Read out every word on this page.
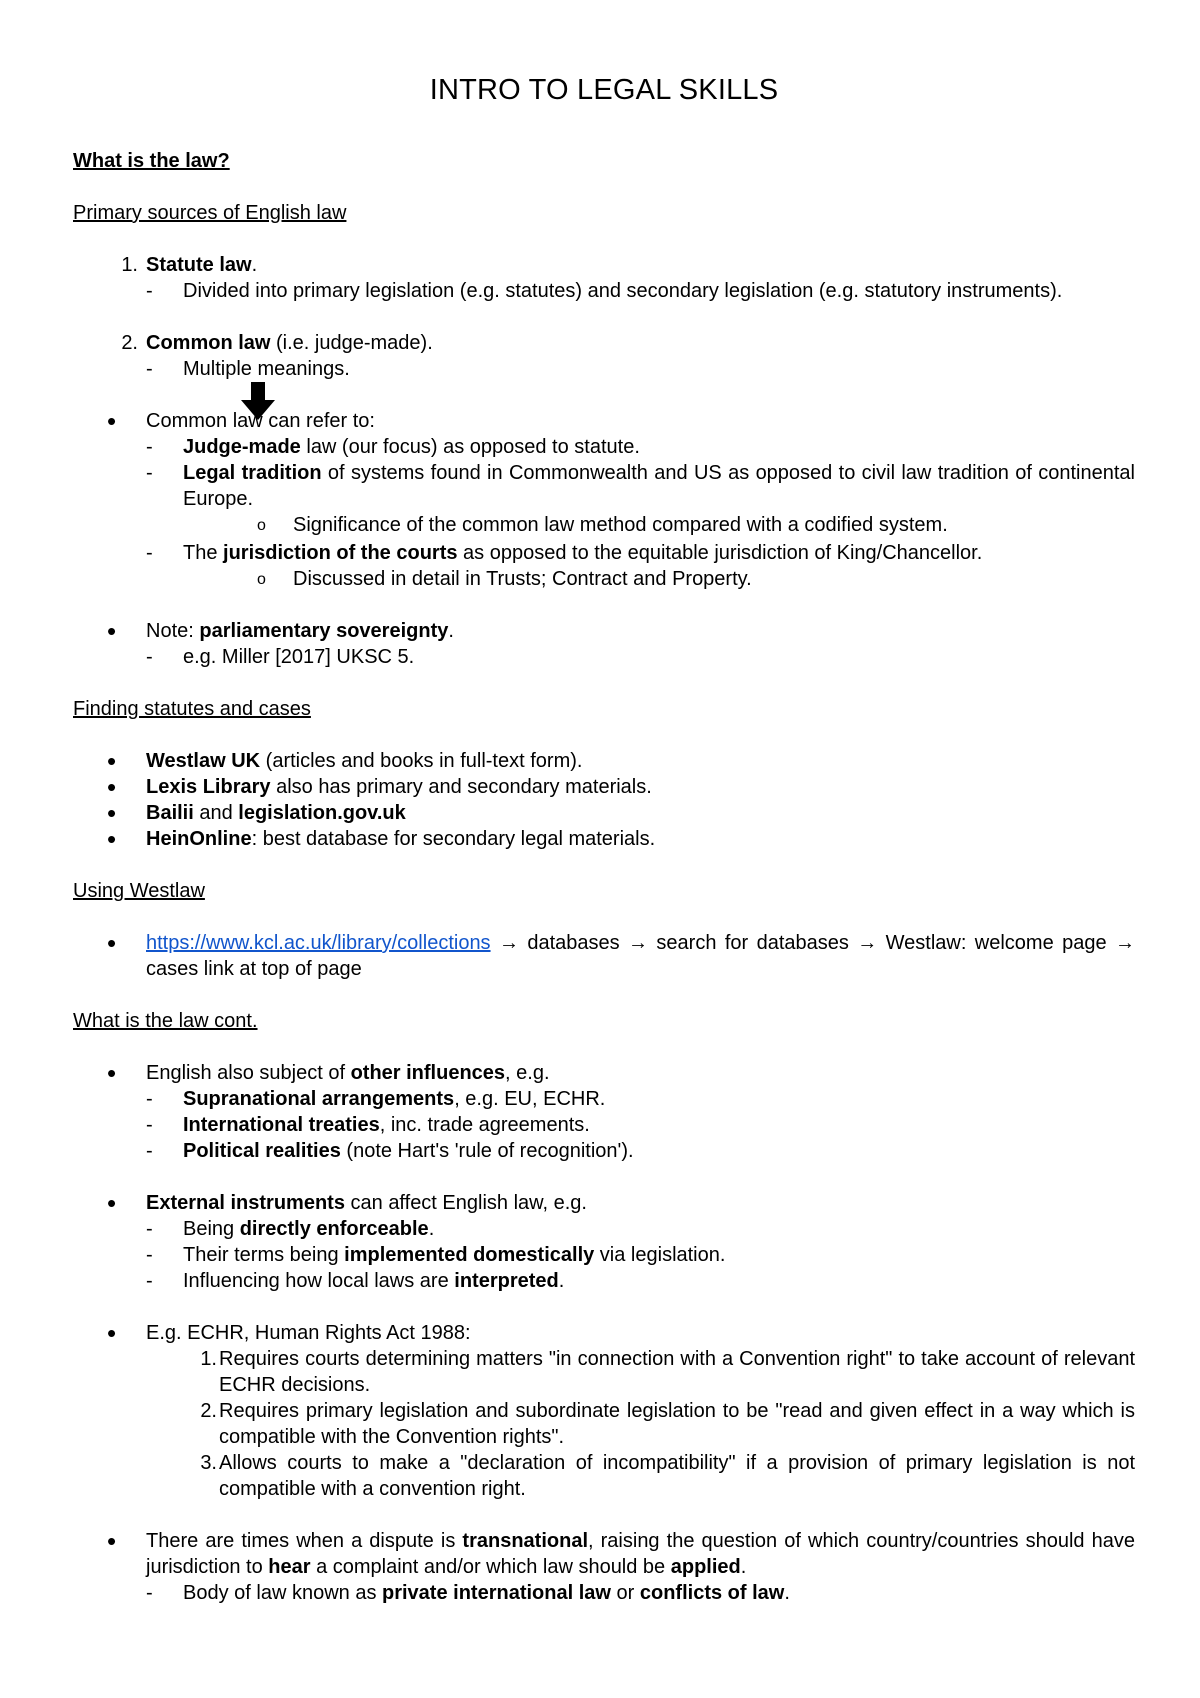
INTRO TO LEGAL SKILLS
What is the law?
Primary sources of English law
1. Statute law.
- Divided into primary legislation (e.g. statutes) and secondary legislation (e.g. statutory instruments).
2. Common law (i.e. judge-made).
- Multiple meanings.
• Common law can refer to:
- Judge-made law (our focus) as opposed to statute.
- Legal tradition of systems found in Commonwealth and US as opposed to civil law tradition of continental Europe.
o Significance of the common law method compared with a codified system.
- The jurisdiction of the courts as opposed to the equitable jurisdiction of King/Chancellor.
o Discussed in detail in Trusts; Contract and Property.
• Note: parliamentary sovereignty.
- e.g. Miller [2017] UKSC 5.
Finding statutes and cases
• Westlaw UK (articles and books in full-text form).
• Lexis Library also has primary and secondary materials.
• Bailii and legislation.gov.uk
• HeinOnline: best database for secondary legal materials.
Using Westlaw
• https://www.kcl.ac.uk/library/collections → databases → search for databases → Westlaw: welcome page → cases link at top of page
What is the law cont.
• English also subject of other influences, e.g.
- Supranational arrangements, e.g. EU, ECHR.
- International treaties, inc. trade agreements.
- Political realities (note Hart's 'rule of recognition').
• External instruments can affect English law, e.g.
- Being directly enforceable.
- Their terms being implemented domestically via legislation.
- Influencing how local laws are interpreted.
• E.g. ECHR, Human Rights Act 1988:
1. Requires courts determining matters "in connection with a Convention right" to take account of relevant ECHR decisions.
2. Requires primary legislation and subordinate legislation to be "read and given effect in a way which is compatible with the Convention rights".
3. Allows courts to make a "declaration of incompatibility" if a provision of primary legislation is not compatible with a convention right.
• There are times when a dispute is transnational, raising the question of which country/countries should have jurisdiction to hear a complaint and/or which law should be applied.
- Body of law known as private international law or conflicts of law.
